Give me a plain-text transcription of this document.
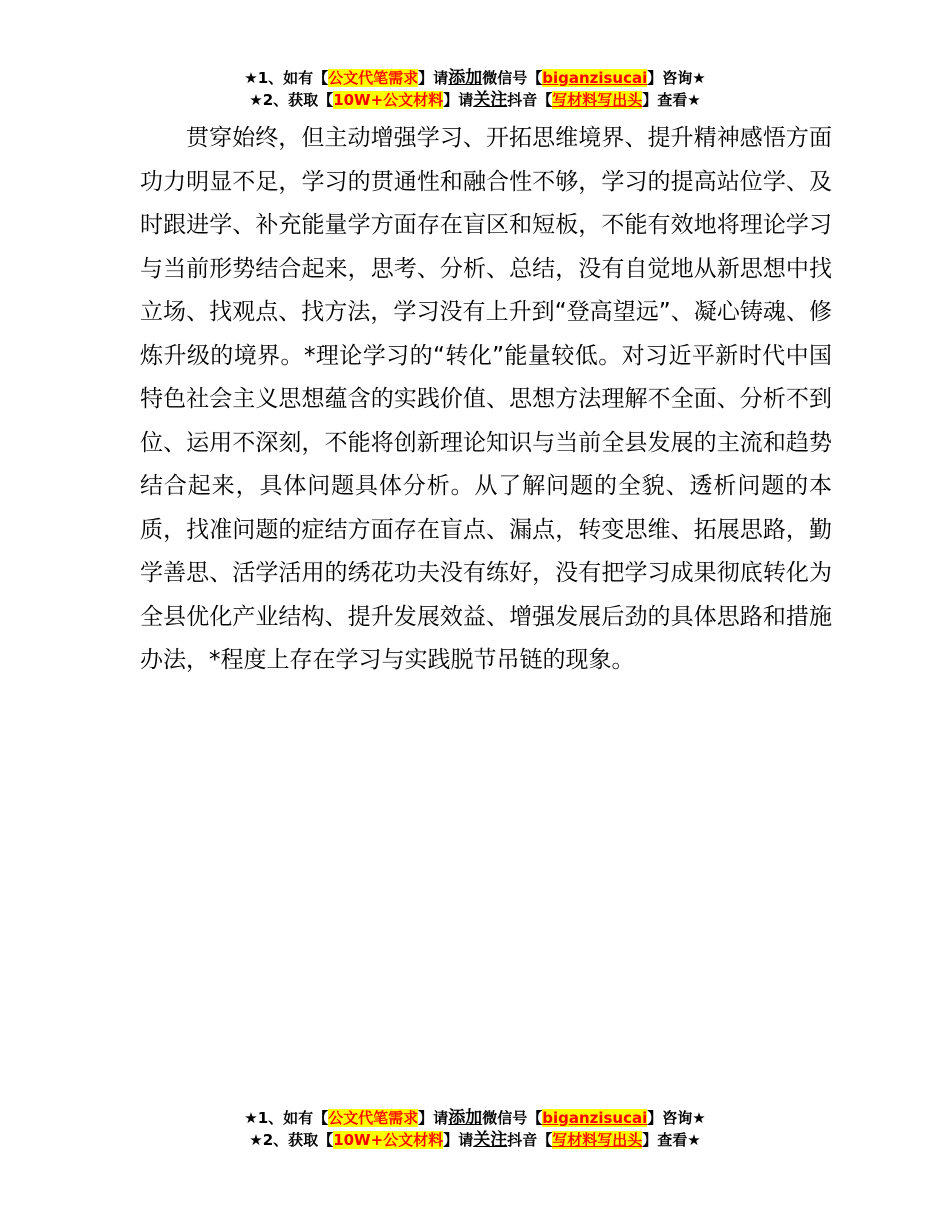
★1、如有【公文代笔需求】请添加微信号【biganzisucai】咨询★
★2、获取【10W+公文材料】请关注抖音【写材料写出头】查看★

贯穿始终，但主动增强学习、开拓思维境界、提升精神感悟方面功力明显不足，学习的贯通性和融合性不够，学习的提高站位学、及时跟进学、补充能量学方面存在盲区和短板，不能有效地将理论学习与当前形势结合起来，思考、分析、总结，没有自觉地从新思想中找立场、找观点、找方法，学习没有上升到“登高望远”、凝心铸魂、修炼升级的境界。*理论学习的“转化”能量较低。对习近平新时代中国特色社会主义思想蕴含的实践价值、思想方法理解不全面、分析不到位、运用不深刻，不能将创新理论知识与当前全县发展的主流和趋势结合起来，具体问题具体分析。从了解问题的全貌、透析问题的本质，找准问题的症结方面存在盲点、漏点，转变思维、拓展思路，勤学善思、活学活用的绣花功夫没有练好，没有把学习成果彻底转化为全县优化产业结构、提升发展效益、增强发展后劲的具体思路和措施办法，*程度上存在学习与实践脱节吊链的现象。

★1、如有【公文代笔需求】请添加微信号【biganzisucai】咨询★
★2、获取【10W+公文材料】请关注抖音【写材料写出头】查看★
